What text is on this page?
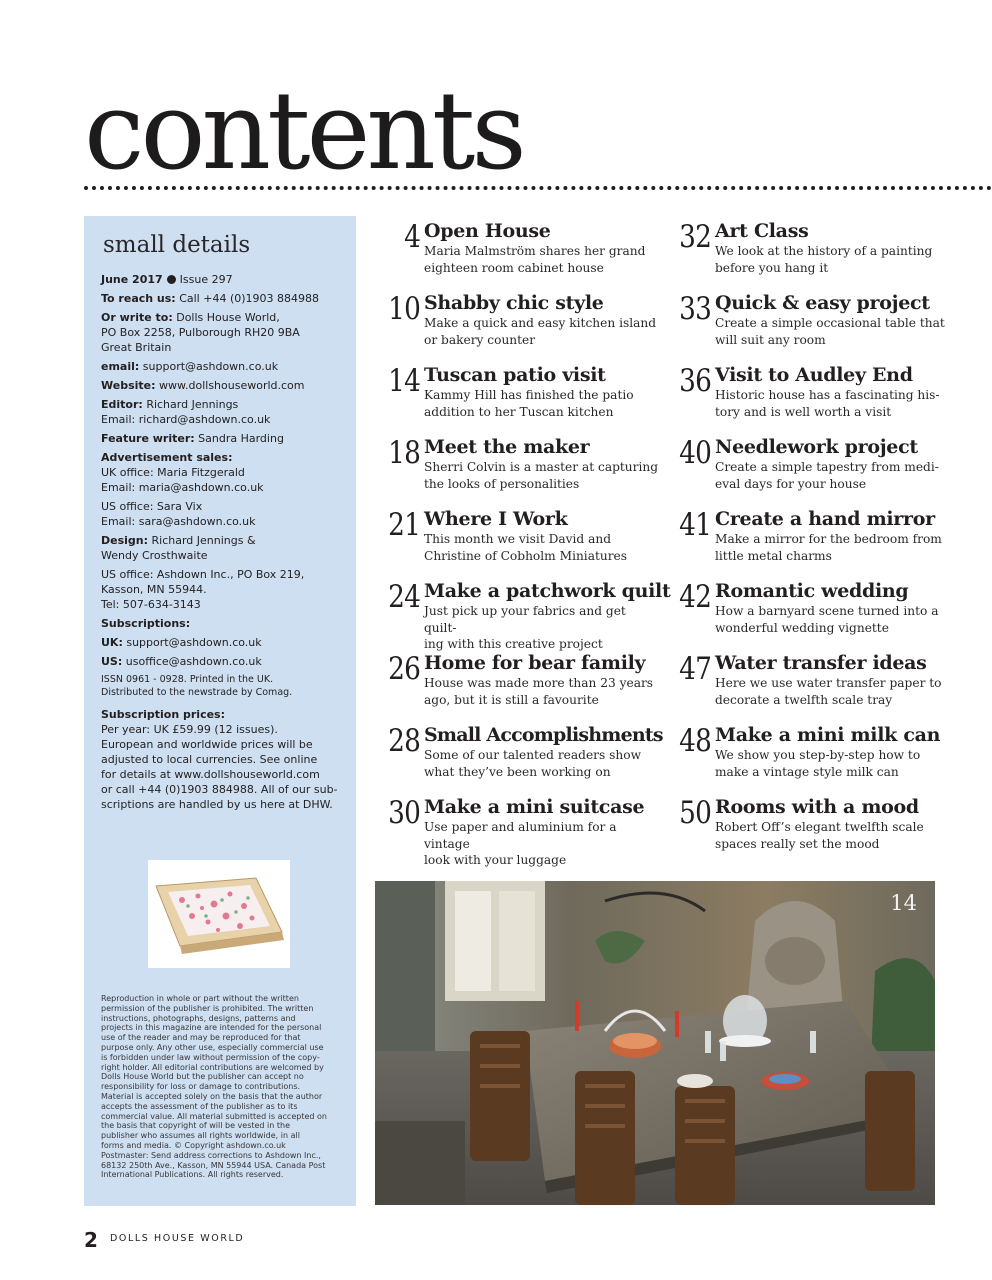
contents
small details
June 2017 Issue 297
To reach us: Call +44 (0)1903 884988
Or write to: Dolls House World,
PO Box 2258, Pulborough RH20 9BA
Great Britain
email: support@ashdown.co.uk
Website: www.dollshouseworld.com
Editor: Richard Jennings
Email: richard@ashdown.co.uk
Feature writer: Sandra Harding
Advertisement sales:
UK office: Maria Fitzgerald
Email: maria@ashdown.co.uk
US office: Sara Vix
Email: sara@ashdown.co.uk
Design: Richard Jennings &
Wendy Crosthwaite
US office: Ashdown Inc., PO Box 219,
Kasson, MN 55944.
Tel: 507-634-3143
Subscriptions:
UK: support@ashdown.co.uk
US: usoffice@ashdown.co.uk
ISSN 0961 - 0928. Printed in the UK.
Distributed to the newstrade by Comag.
Subscription prices:
Per year: UK £59.99 (12 issues).
European and worldwide prices will be
adjusted to local currencies. See online
for details at www.dollshouseworld.com
or call +44 (0)1903 884988. All of our sub-
scriptions are handled by us here at DHW.
Reproduction in whole or part without the written
permission of the publisher is prohibited. The written
instructions, photographs, designs, patterns and
projects in this magazine are intended for the personal
use of the reader and may be reproduced for that
purpose only. Any other use, especially commercial use
is forbidden under law without permission of the copy-
right holder. All editorial contributions are welcomed by
Dolls House World but the publisher can accept no
responsibility for loss or damage to contributions.
Material is accepted solely on the basis that the author
accepts the assessment of the publisher as to its
commercial value. All material submitted is accepted on
the basis that copyright of will be vested in the
publisher who assumes all rights worldwide, in all
forms and media. © Copyright ashdown.co.uk
Postmaster: Send address corrections to Ashdown Inc.,
68132 250th Ave., Kasson, MN 55944 USA. Canada Post
International Publications. All rights reserved.
4 Open House
Maria Malmström shares her grand
eighteen room cabinet house
10 Shabby chic style
Make a quick and easy kitchen island
or bakery counter
14 Tuscan patio visit
Kammy Hill has finished the patio
addition to her Tuscan kitchen
18 Meet the maker
Sherri Colvin is a master at capturing
the looks of personalities
21 Where I Work
This month we visit David and
Christine of Cobholm Miniatures
24 Make a patchwork quilt
Just pick up your fabrics and get quilt-
ing with this creative project
26 Home for bear family
House was made more than 23 years
ago, but it is still a favourite
28 Small Accomplishments
Some of our talented readers show
what they’ve been working on
30 Make a mini suitcase
Use paper and aluminium for a vintage
look with your luggage
32 Art Class
We look at the history of a painting
before you hang it
33 Quick & easy project
Create a simple occasional table that
will suit any room
36 Visit to Audley End
Historic house has a fascinating his-
tory and is well worth a visit
40 Needlework project
Create a simple tapestry from medi-
eval days for your house
41 Create a hand mirror
Make a mirror for the bedroom from
little metal charms
42 Romantic wedding
How a barnyard scene turned into a
wonderful wedding vignette
47 Water transfer ideas
Here we use water transfer paper to
decorate a twelfth scale tray
48 Make a mini milk can
We show you step-by-step how to
make a vintage style milk can
50 Rooms with a mood
Robert Off’s elegant twelfth scale
spaces really set the mood
14
2 DOLLS HOUSE WORLD
